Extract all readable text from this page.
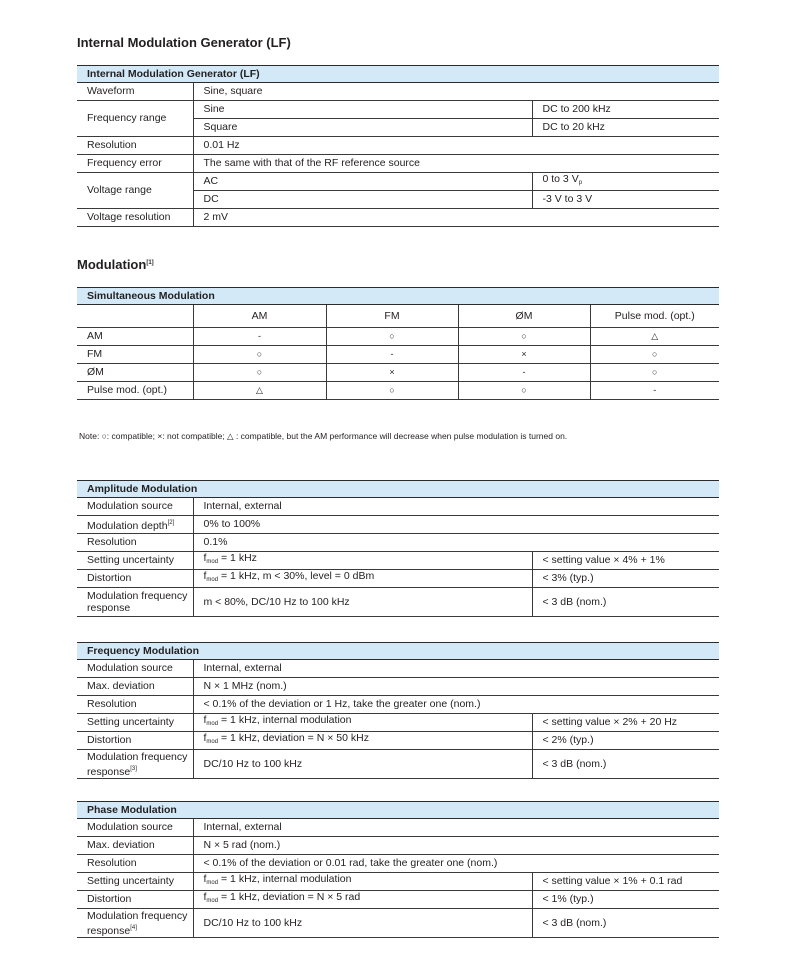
Internal Modulation Generator (LF)
Internal Modulation Generator (LF)		
Waveform	Sine, square	
Frequency range	Sine	DC to 200 kHz
	Square	DC to 20 kHz
Resolution	0.01 Hz	
Frequency error	The same with that of the RF reference source	
Voltage range	AC	0 to 3 $V_p$
	DC	-3 V to 3 V
Voltage resolution	2 mV	
Modulation[1]
Simultaneous Modulation				
	AM	FM	ØM	Pulse mod. (opt.)
AM	-	○	○	△
FM	○	-	×	○
ØM	○	×	-	○
Pulse mod. (opt.)	△	○	○	-
Note: ○: compatible; ×: not compatible; △ : compatible, but the AM performance will decrease when pulse modulation is turned on.
Amplitude Modulation		
Modulation source	Internal, external	
Modulation depth[2]	0% to 100%	
Resolution	0.1%	
Setting uncertainty	$f_{mod} = 1$ kHz	< setting value × 4% + 1%
Distortion	$f_{mod} = 1$ kHz, m < 30%, level = 0 dBm	< 3% (typ.)
Modulation frequency response	m < 80%, DC/10 Hz to 100 kHz	< 3 dB (nom.)
Frequency Modulation		
Modulation source	Internal, external	
Max. deviation	N × 1 MHz (nom.)	
Resolution	< 0.1% of the deviation or 1 Hz, take the greater one (nom.)	
Setting uncertainty	$f_{mod} = 1$ kHz, internal modulation	< setting value × 2% + 20 Hz
Distortion	$f_{mod} = 1$ kHz, deviation = N × 50 kHz	< 2% (typ.)
Modulation frequency response[3]	DC/10 Hz to 100 kHz	< 3 dB (nom.)
Phase Modulation		
Modulation source	Internal, external	
Max. deviation	N × 5 rad (nom.)	
Resolution	< 0.1% of the deviation or 0.01 rad, take the greater one (nom.)	
Setting uncertainty	$f_{mod} = 1$ kHz, internal modulation	< setting value × 1% + 0.1 rad
Distortion	$f_{mod} = 1$ kHz, deviation = N × 5 rad	< 1% (typ.)
Modulation frequency response[4]	DC/10 Hz to 100 kHz	< 3 dB (nom.)
